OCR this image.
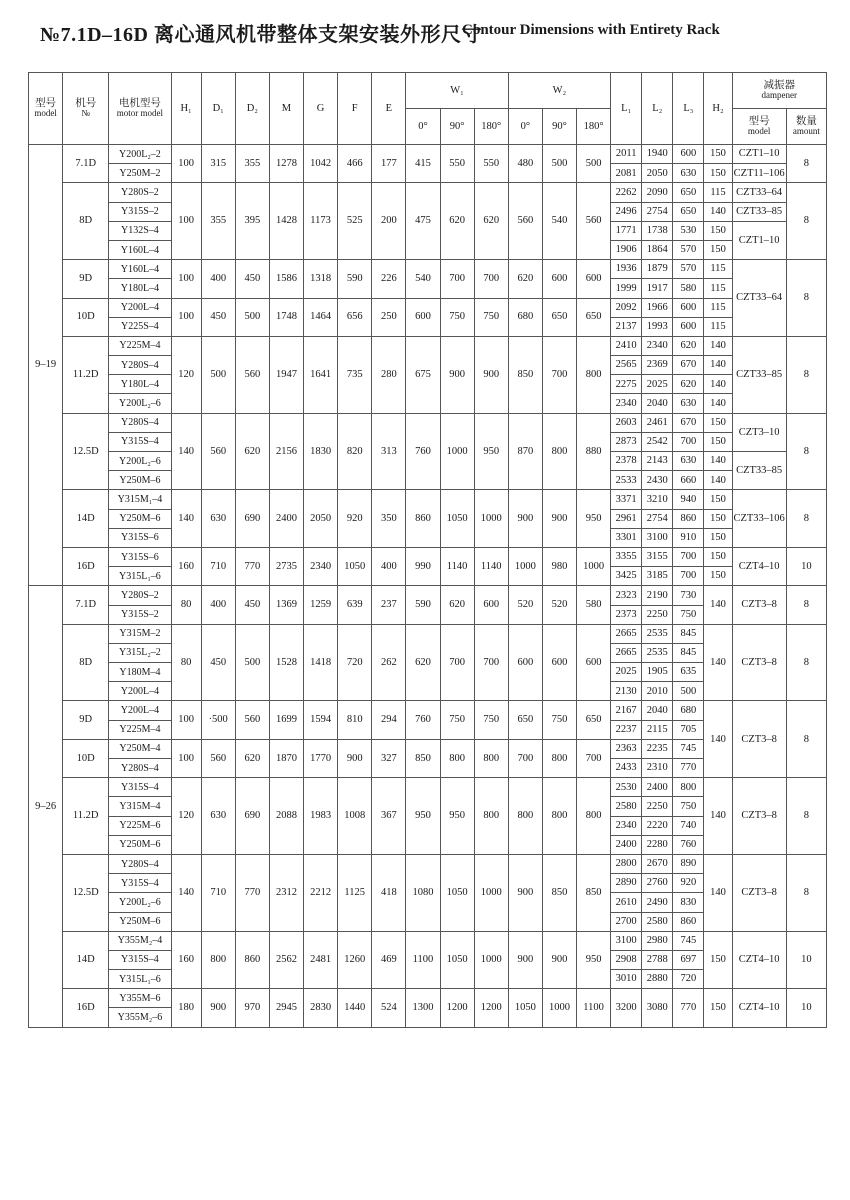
№7.1D–16D 离心通风机带整体支架安装外形尺寸
Contour Dimensions with Entirety Rack
型号
model	机号
№	电机型号
motor model	H₁	D₁	D₂	M	G	F	E	W₁			W₂			L₁	L₂	L₃	H₂	减振器
dampener	

										0°	90°	180°	0°	90°	180°					型号
model	数量
amount

9–19	7.1D	Y200L₂–2	100	315	355	1278	1042	466	177	415	550	550	480	500	500	2011	1940	600	150	CZT1–10	8
		Y250M–2														2081	2050	630	150	CZT11–106	
	8D	Y280S–2	100	355	395	1428	1173	525	200	475	620	620	560	540	560	2262	2090	650	115	CZT33–64	8
		Y315S–2														2496	2754	650	140	CZT33–85	
		Y132S–4														1771	1738	530	150	CZT1–10	
		Y160L–4														1906	1864	570	150		
	9D	Y160L–4	100	400	450	1586	1318	590	226	540	700	700	620	600	600	1936	1879	570	115	CZT33–64	8
		Y180L–4														1999	1917	580	115		
	10D	Y200L–4	100	450	500	1748	1464	656	250	600	750	750	680	650	650	2092	1966	600	115		
		Y225S–4														2137	1993	600	115		
	11.2D	Y225M–4	120	500	560	1947	1641	735	280	675	900	900	850	700	800	2410	2340	620	140	CZT33–85	8
		Y280S–4														2565	2369	670	140		
		Y180L–4														2275	2025	620	140		
		Y200L₂–6														2340	2040	630	140		
	12.5D	Y280S–4	140	560	620	2156	1830	820	313	760	1000	950	870	800	880	2603	2461	670	150	CZT3–10	8
		Y315S–4														2873	2542	700	150		
		Y200L₂–6														2378	2143	630	140	CZT33–85	
		Y250M–6														2533	2430	660	140		
	14D	Y315M₁–4	140	630	690	2400	2050	920	350	860	1050	1000	900	900	950	3371	3210	940	150	CZT33–106	8
		Y250M–6														2961	2754	860	150		
		Y315S–6														3301	3100	910	150		
	16D	Y315S–6	160	710	770	2735	2340	1050	400	990	1140	1140	1000	980	1000	3355	3155	700	150	CZT4–10	10
		Y315L₁–6														3425	3185	700	150		
9–26	7.1D	Y280S–2	80	400	450	1369	1259	639	237	590	620	600	520	520	580	2323	2190	730	140	CZT3–8	8
		Y315S–2														2373	2250	750			
	8D	Y315M–2	80	450	500	1528	1418	720	262	620	700	700	600	600	600	2665	2535	845	140	CZT3–8	8
		Y315L₂–2														2665	2535	845			
		Y180M–4														2025	1905	635			
		Y200L–4														2130	2010	500			
	9D	Y200L–4	100	·500	560	1699	1594	810	294	760	750	750	650	750	650	2167	2040	680	140	CZT3–8	8
		Y225M–4														2237	2115	705			
	10D	Y250M–4	100	560	620	1870	1770	900	327	850	800	800	700	800	700	2363	2235	745			
		Y280S–4														2433	2310	770			
	11.2D	Y315S–4	120	630	690	2088	1983	1008	367	950	950	800	800	800	800	2530	2400	800	140	CZT3–8	8
		Y315M–4														2580	2250	750			
		Y225M–6														2340	2220	740			
		Y250M–6														2400	2280	760			
	12.5D	Y280S–4	140	710	770	2312	2212	1125	418	1080	1050	1000	900	850	850	2800	2670	890	140	CZT3–8	8
		Y315S–4														2890	2760	920			
		Y200L₂–6														2610	2490	830			
		Y250M–6														2700	2580	860			
	14D	Y355M₂–4	160	800	860	2562	2481	1260	469	1100	1050	1000	900	900	950	3100	2980	745	150	CZT4–10	10
		Y315S–4														2908	2788	697			
		Y315L₁–6														3010	2880	720			
	16D	Y355M–6	180	900	970	2945	2830	1440	524	1300	1200	1200	1050	1000	1100	3200	3080	770	150	CZT4–10	10
		Y355M₂–6																			
